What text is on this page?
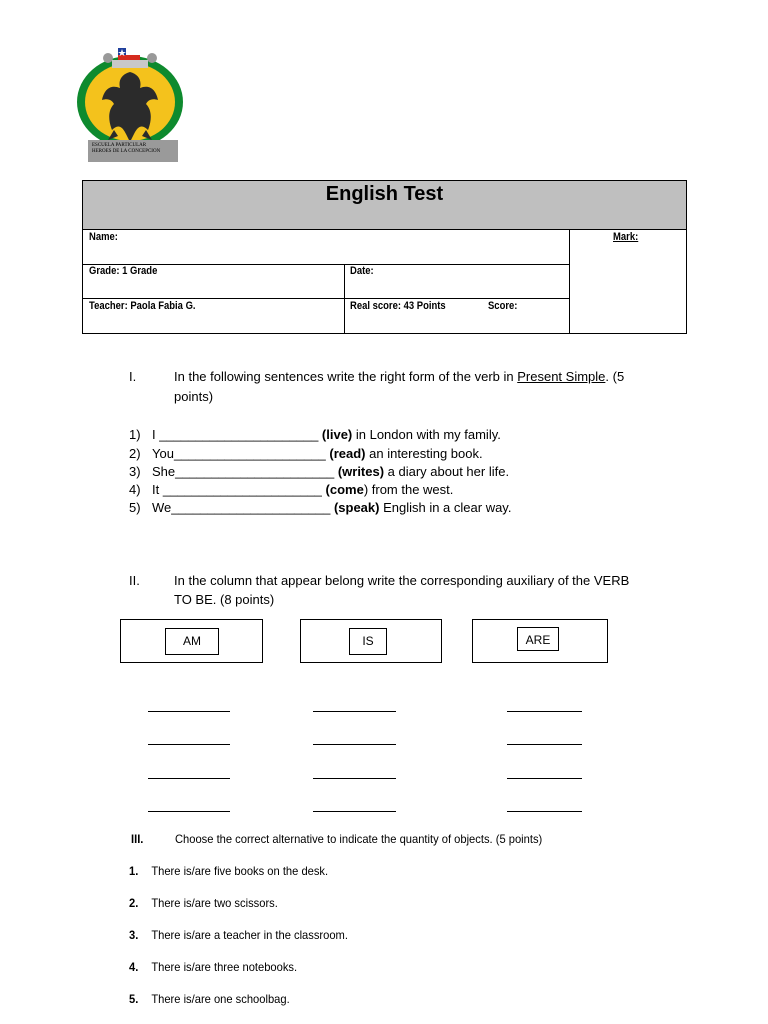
ESCUELA PARTICULAR
HEROES DE LA CONCEPCION
English Test
Name:	Mark:
Grade: 1 Grade	Date:
Teacher: Paola Fabia G.	Real score: 43 Points	Score:
I.	In the following sentences write the right form of the verb in Present Simple. (5
points)
1) I ______________________ (live) in London with my family.
2) You_____________________ (read) an interesting book.
3) She______________________ (writes) a diary about her life.
4) It ______________________ (come) from the west.
5) We______________________ (speak) English in a clear way.
II.	In the column that appear belong write the corresponding auxiliary of the VERB
TO BE. (8 points)
AM	IS	ARE
III.	Choose the correct alternative to indicate the quantity of objects. (5 points)
1. There is/are five books on the desk.
2. There is/are two scissors.
3. There is/are a teacher in the classroom.
4. There is/are three notebooks.
5. There is/are one schoolbag.
